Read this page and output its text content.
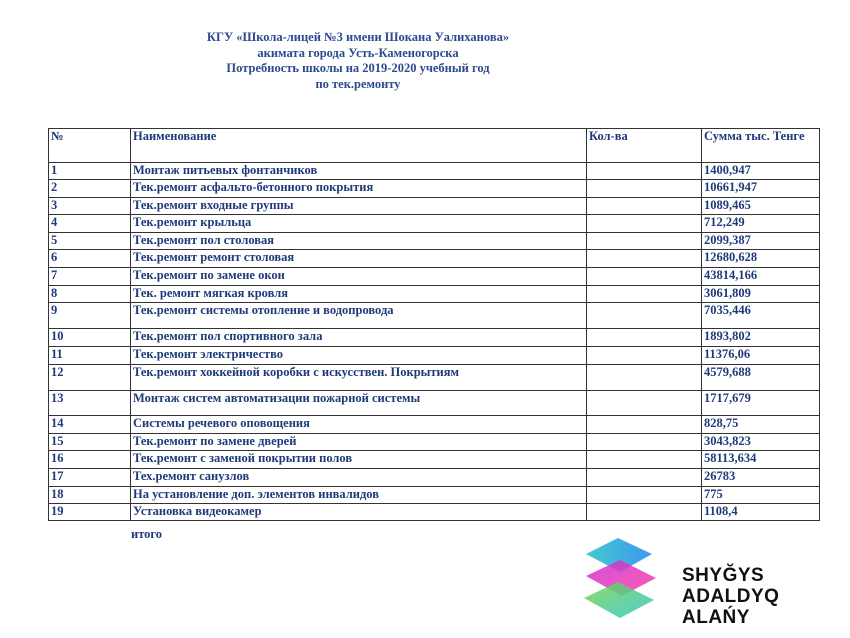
КГУ «Школа-лицей №3 имени Шокана Уалиханова»
акимата города Усть-Каменогорска
Потребность школы на 2019-2020 учебный год
по тек.ремонту
№	Наименование	Кол-ва	Сумма тыс. Тенге
1	Монтаж питьевых фонтанчиков		1400,947
2	Тек.ремонт асфальто-бетонного покрытия		10661,947
3	Тек.ремонт входные группы		1089,465
4	Тек.ремонт крыльца		712,249
5	Тек.ремонт пол столовая		2099,387
6	Тек.ремонт ремонт столовая		12680,628
7	Тек.ремонт по замене окон		43814,166
8	Тек. ремонт мягкая кровля		3061,809
9	Тек.ремонт системы отопление и водопровода		7035,446
10	Тек.ремонт пол спортивного зала		1893,802
11	Тек.ремонт электричество		11376,06
12	Тек.ремонт хоккейной коробки с искусствен. Покрытиям		4579,688
13	Монтаж систем автоматизации пожарной системы		1717,679
14	Системы речевого оповощения		828,75
15	Тек.ремонт по замене дверей		3043,823
16	Тек.ремонт с заменой покрытии полов		58113,634
17	Тех.ремонт санузлов		26783
18	На установление доп. элементов инвалидов		775
19	Установка видеокамер		1108,4
итого
SHYĞYS
ADALDYQ ALAŃY
